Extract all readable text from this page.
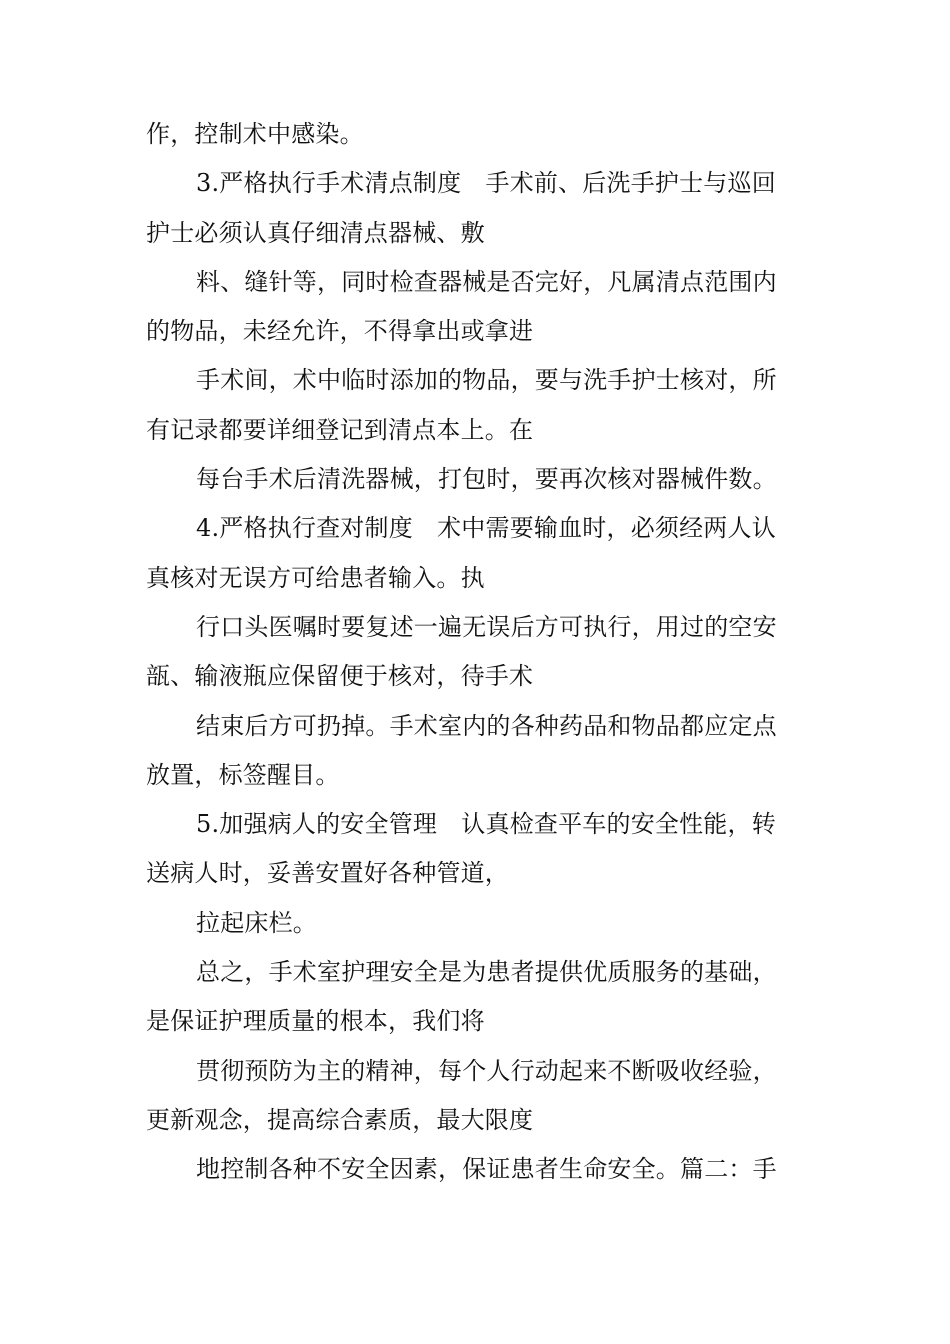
作，控制术中感染。
3.严格执行手术清点制度　手术前、后洗手护士与巡回
护士必须认真仔细清点器械、敷
料、缝针等，同时检查器械是否完好，凡属清点范围内
的物品，未经允许，不得拿出或拿进
手术间，术中临时添加的物品，要与洗手护士核对，所
有记录都要详细登记到清点本上。在
每台手术后清洗器械，打包时，要再次核对器械件数。
4.严格执行查对制度　术中需要输血时，必须经两人认
真核对无误方可给患者输入。执
行口头医嘱时要复述一遍无误后方可执行，用过的空安
瓿、输液瓶应保留便于核对，待手术
结束后方可扔掉。手术室内的各种药品和物品都应定点
放置，标签醒目。
5.加强病人的安全管理　认真检查平车的安全性能，转
送病人时，妥善安置好各种管道，
拉起床栏。
总之，手术室护理安全是为患者提供优质服务的基础，
是保证护理质量的根本，我们将
贯彻预防为主的精神，每个人行动起来不断吸收经验，
更新观念，提高综合素质，最大限度
地控制各种不安全因素，保证患者生命安全。篇二：手
